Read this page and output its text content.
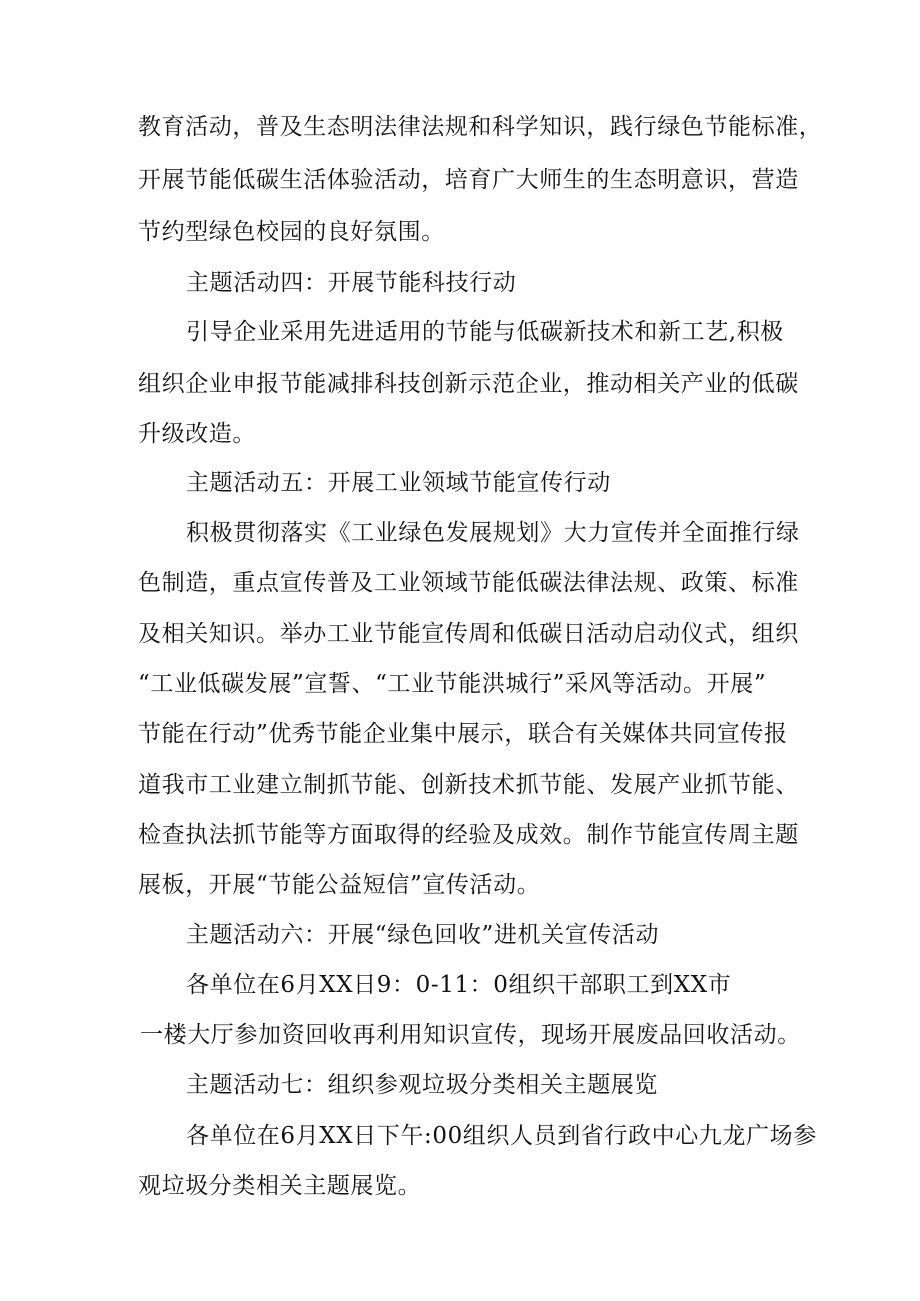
教育活动，普及生态明法律法规和科学知识，践行绿色节能标准，
开展节能低碳生活体验活动，培育广大师生的生态明意识，营造
节约型绿色校园的良好氛围。
主题活动四：开展节能科技行动
引导企业采用先进适用的节能与低碳新技术和新工艺,积极
组织企业申报节能减排科技创新示范企业，推动相关产业的低碳
升级改造。
主题活动五：开展工业领域节能宣传行动
积极贯彻落实《工业绿色发展规划》大力宣传并全面推行绿
色制造，重点宣传普及工业领域节能低碳法律法规、政策、标准
及相关知识。举办工业节能宣传周和低碳日活动启动仪式，组织
“工业低碳发展”宣誓、“工业节能洪城行”采风等活动。开展”
节能在行动”优秀节能企业集中展示，联合有关媒体共同宣传报
道我市工业建立制抓节能、创新技术抓节能、发展产业抓节能、
检查执法抓节能等方面取得的经验及成效。制作节能宣传周主题
展板，开展“节能公益短信”宣传活动。
主题活动六：开展“绿色回收”进机关宣传活动
各单位在6月XX日9：0-11：0组织干部职工到XX市
一楼大厅参加资回收再利用知识宣传，现场开展废品回收活动。
主题活动七：组织参观垃圾分类相关主题展览
各单位在6月XX日下午:00组织人员到省行政中心九龙广场参
观垃圾分类相关主题展览。
